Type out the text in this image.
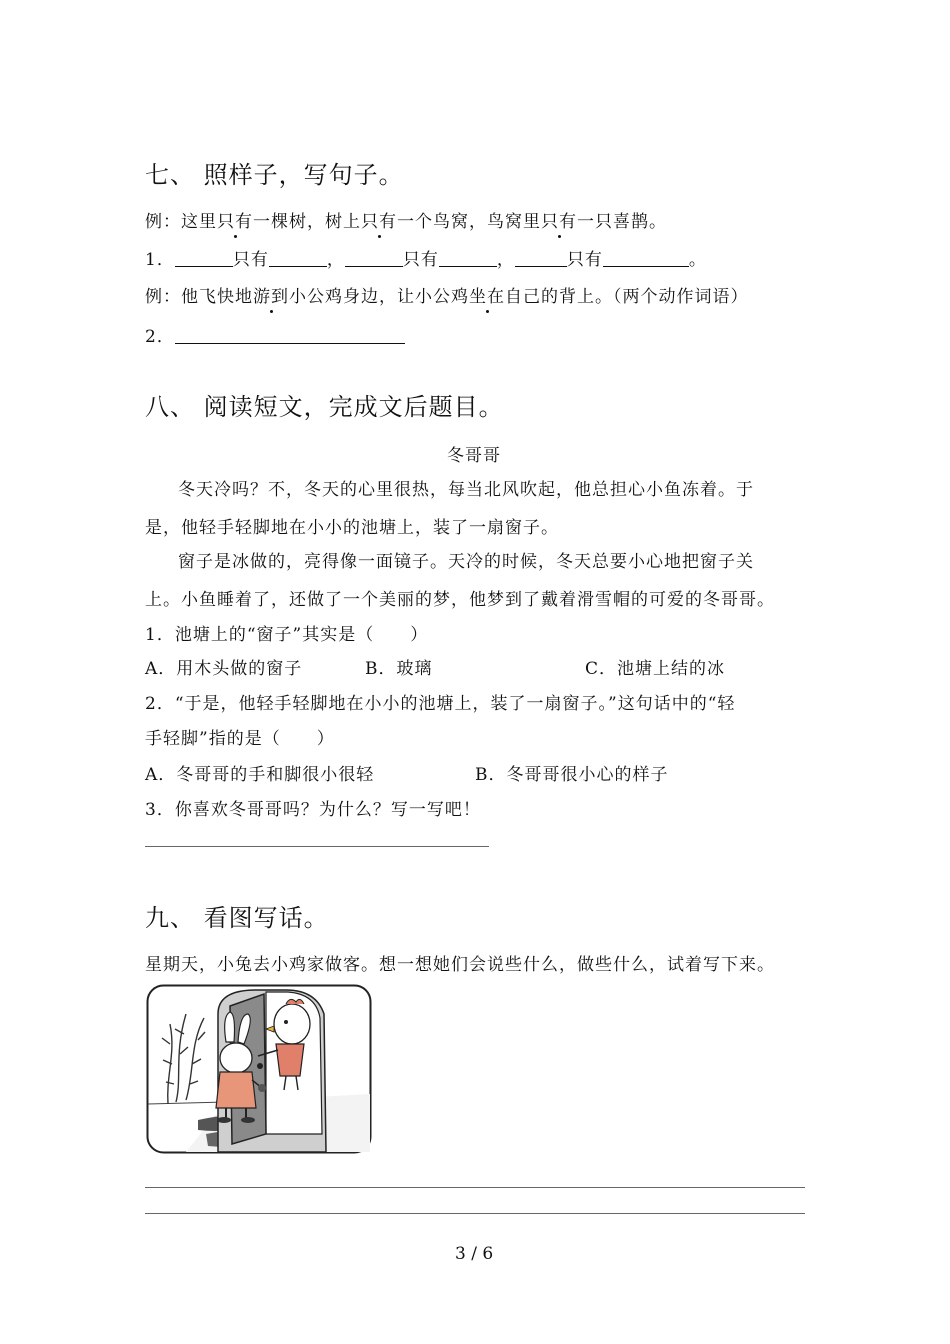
七、 照样子，写句子。
例：这里只有一棵树，树上只有一个鸟窝，鸟窝里只有一只喜鹊。
1．	只有	，	只有	，	只有	。
例：他飞快地游到小公鸡身边，让小公鸡坐在自己的背上。（两个动作词语）
2．
八、 阅读短文，完成文后题目。
冬哥哥
冬天冷吗？不，冬天的心里很热，每当北风吹起，他总担心小鱼冻着。于
是，他轻手轻脚地在小小的池塘上，装了一扇窗子。
窗子是冰做的，亮得像一面镜子。天冷的时候，冬天总要小心地把窗子关
上。小鱼睡着了，还做了一个美丽的梦，他梦到了戴着滑雪帽的可爱的冬哥哥。
1．池塘上的“窗子”其实是（　　）
A．用木头做的窗子	B．玻璃	C．池塘上结的冰
2．“于是，他轻手轻脚地在小小的池塘上，装了一扇窗子。”这句话中的“轻
手轻脚”指的是（　　）
A．冬哥哥的手和脚很小很轻	B．冬哥哥很小心的样子
3．你喜欢冬哥哥吗？为什么？写一写吧！
九、 看图写话。
星期天，小兔去小鸡家做客。想一想她们会说些什么，做些什么，试着写下来。
3 / 6
